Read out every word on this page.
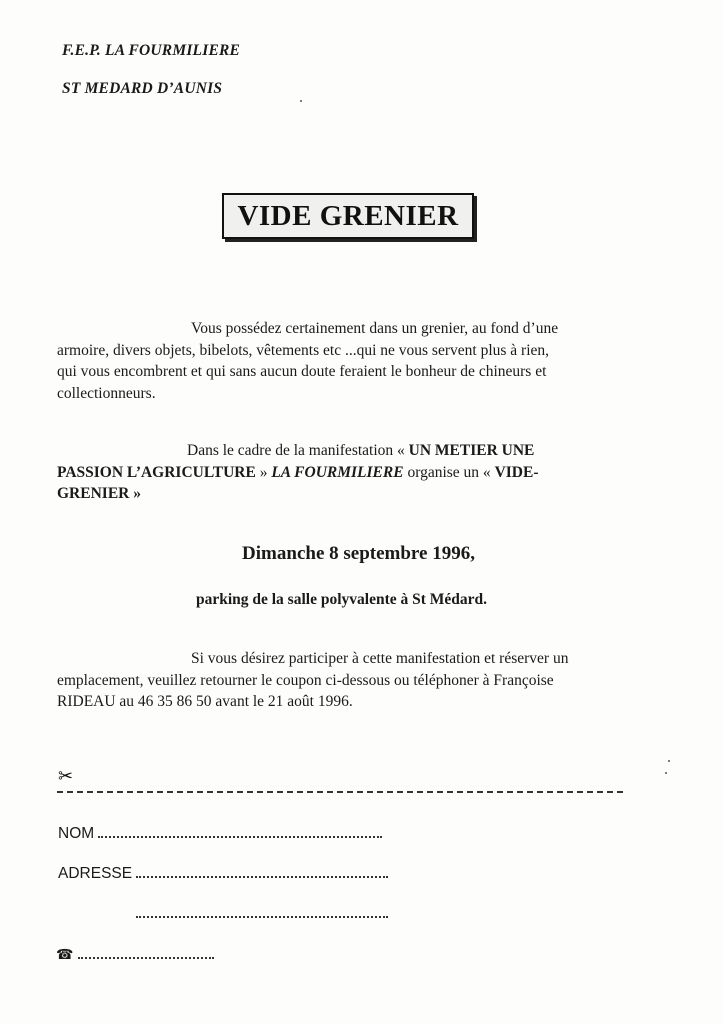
F.E.P. LA FOURMILIERE
ST MEDARD D’AUNIS
VIDE GRENIER
Vous possédez certainement dans un grenier, au fond d’une
armoire, divers objets, bibelots, vêtements etc ...qui ne vous servent plus à rien,
qui vous encombrent et qui sans aucun doute feraient le bonheur de chineurs et
collectionneurs.
Dans le cadre de la manifestation « UN METIER UNE
PASSION L’AGRICULTURE » LA FOURMILIERE organise un « VIDE-
GRENIER »
Dimanche 8 septembre 1996,
parking de la salle polyvalente à St Médard.
Si vous désirez participer à cette manifestation et réserver un
emplacement, veuillez retourner le coupon ci-dessous ou téléphoner à Françoise
RIDEAU au 46 35 86 50 avant le 21 août 1996.
✂
NOM
ADRESSE
☎
